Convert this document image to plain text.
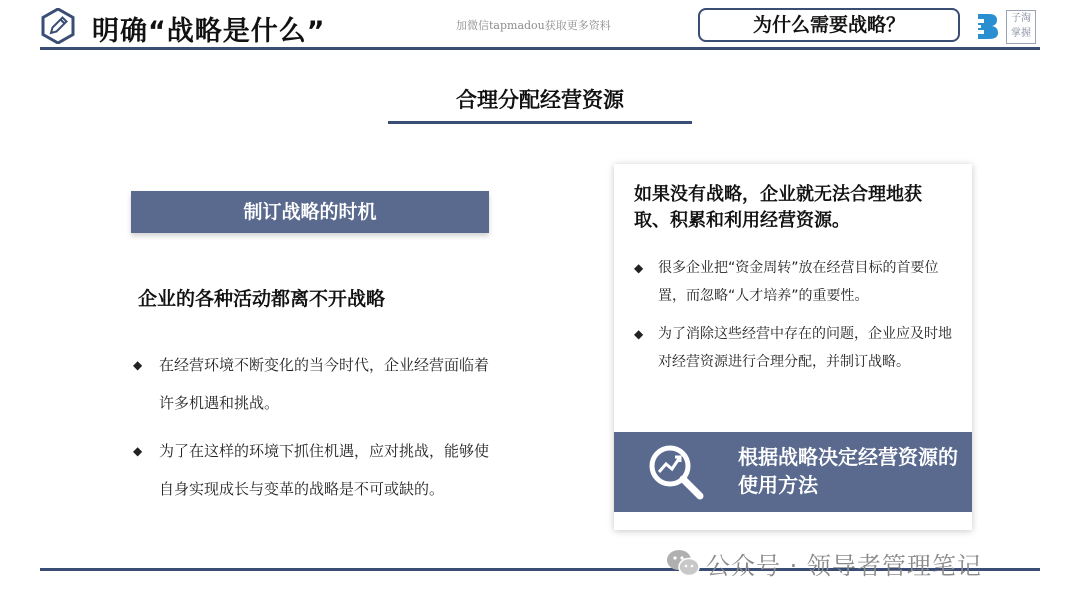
明确“战略是什么”	加微信tapmadou获取更多资料	为什么需要战略？	子淘
掌握
合理分配经营资源
制订战略的时机
企业的各种活动都离不开战略
◆	在经营环境不断变化的当今时代，企业经营面临着许多机遇和挑战。
◆	为了在这样的环境下抓住机遇，应对挑战，能够使自身实现成长与变革的战略是不可或缺的。
如果没有战略，企业就无法合理地获取、积累和利用经营资源。
◆	很多企业把“资金周转”放在经营目标的首要位置，而忽略“人才培养”的重要性。
◆	为了消除这些经营中存在的问题，企业应及时地对经营资源进行合理分配，并制订战略。
根据战略决定经营资源的使用方法
公众号 · 领导者管理笔记
